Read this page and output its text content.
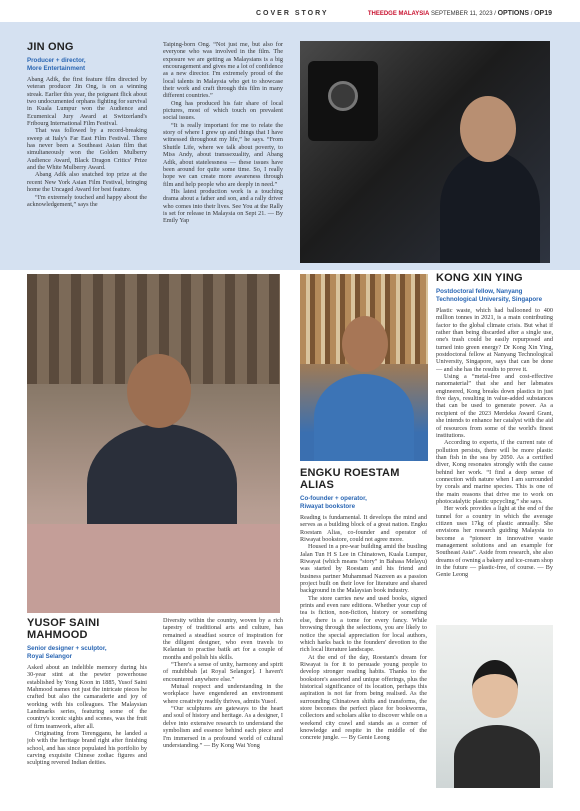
COVER STORY	THEEDGE MALAYSIA SEPTEMBER 11, 2023 / OPTIONS / OP19
JIN ONG
Producer + director,
More Entertainment

Abang Adik, the first feature film directed by veteran producer Jin Ong, is on a winning streak. Earlier this year, the poignant flick about two undocumented orphans fighting for survival in Kuala Lumpur won the Audience and Ecumenical Jury Award at Switzerland's Fribourg International Film Festival.

That was followed by a record-breaking sweep at Italy's Far East Film Festival. There has never been a Southeast Asian film that simultaneously won the Golden Mulberry Audience Award, Black Dragon Critics' Prize and the White Mulberry Award.

Abang Adik also snatched top prize at the recent New York Asian Film Festival, bringing home the Uncaged Award for best feature.

“I'm extremely touched and happy about the acknowledgement,” says the

Taiping-born Ong. “Not just me, but also for everyone who was involved in the film. The exposure we are getting as Malaysians is a big encouragement and gives me a lot of confidence as a new director. I'm extremely proud of the local talents in Malaysia who get to showcase their work and craft through this film in many different countries.”

Ong has produced his fair share of local pictures, most of which touch on prevalent social issues.

“It is really important for me to relate the story of where I grew up and things that I have witnessed throughout my life,” he says. “From Shuttle Life, where we talk about poverty, to Miss Andy, about transsexuality, and Abang Adik, about statelessness — these issues have been around for quite some time. So, I really hope we can create more awareness through film and help people who are deeply in need.”

His latest production work is a touching drama about a father and son, and a rally driver who comes into their lives. See You at the Rally is set for release in Malaysia on Sept 21. — By Emily Yap

YUSOF SAINI MAHMOOD
Senior designer + sculptor,
Royal Selangor

Asked about an indelible memory during his 30-year stint at the pewter powerhouse established by Yong Koon in 1885, Yusof Saini Mahmood names not just the intricate pieces he crafted but also the camaraderie and joy of working with his colleagues. The Malaysian Landmarks series, featuring some of the country's iconic sights and scenes, was the fruit of firm teamwork, after all.

Originating from Terengganu, he landed a job with the heritage brand right after finishing school, and has since populated his portfolio by carving exquisite Chinese zodiac figures and sculpting revered Indian deities.

Diversity within the country, woven by a rich tapestry of traditional arts and culture, has remained a steadfast source of inspiration for the diligent designer, who even travels to Kelantan to practise batik art for a couple of months and polish his skills.

“There's a sense of unity, harmony and spirit of muhibbah [at Royal Selangor]. I haven't encountered anywhere else.”

Mutual respect and understanding in the workplace have engendered an environment where creativity readily thrives, admits Yusof.

“Our sculptures are gateways to the heart and soul of history and heritage. As a designer, I delve into extensive research to understand the symbolism and essence behind each piece and I'm immersed in a profound world of cultural understanding.” — By Kong Wai Yong

ENGKU ROESTAM ALIAS
Co-founder + operator,
Riwayat bookstore

Reading is fundamental. It develops the mind and serves as a building block of a great nation. Engku Roestam Alias, co-founder and operator of Riwayat bookstore, could not agree more.

Housed in a pre-war building amid the bustling Jalan Tun H S Lee in Chinatown, Kuala Lumpur, Riwayat (which means “story” in Bahasa Melayu) was started by Roestam and his friend and business partner Muhammad Nazreen as a passion project built on their love for literature and shared background in the Malaysian book industry.

The store carries new and used books, signed prints and even rare editions. Whether your cup of tea is fiction, non-fiction, history or something else, there is a tome for every fancy. While browsing through the selections, you are likely to notice the special appreciation for local authors, which harks back to the founders' devotion to the rich local literature landscape.

At the end of the day, Roestam's dream for Riwayat is for it to persuade young people to develop stronger reading habits. Thanks to the bookstore's assorted and unique offerings, plus the historical significance of its location, perhaps this aspiration is not far from being realised. As the surrounding Chinatown shifts and transforms, the store becomes the perfect place for bookworms, collectors and scholars alike to discover while on a weekend city crawl and stands as a corner of knowledge and respite in the middle of the concrete jungle. — By Genie Leong

KONG XIN YING
Postdoctoral fellow, Nanyang
Technological University, Singapore

Plastic waste, which had ballooned to 400 million tonnes in 2021, is a main contributing factor to the global climate crisis. But what if rather than being discarded after a single use, one's trash could be easily repurposed and turned into green energy? Dr Kong Xin Ying, postdoctoral fellow at Nanyang Technological University, Singapore, says that can be done — and she has the results to prove it.

Using a “metal-free and cost-effective nanomaterial” that she and her labmates engineered, Kong breaks down plastics in just five days, resulting in value-added substances that can be used to generate power. As a recipient of the 2023 Merdeka Award Grant, she intends to enhance her catalyst with the aid of resources from some of the world's finest institutions.

According to experts, if the current rate of pollution persists, there will be more plastic than fish in the sea by 2050. As a certified diver, Kong resonates strongly with the cause behind her work. “I find a deep sense of connection with nature when I am surrounded by corals and marine species. This is one of the main reasons that drive me to work on photocatalytic plastic upcycling,” she says.

Her work provides a light at the end of the tunnel for a country in which the average citizen uses 17kg of plastic annually. She envisions her research guiding Malaysia to become a “pioneer in innovative waste management solutions and an example for Southeast Asia”. Aside from research, she also dreams of owning a bakery and ice-cream shop in the future — plastic-free, of course. — By Genie Leong
